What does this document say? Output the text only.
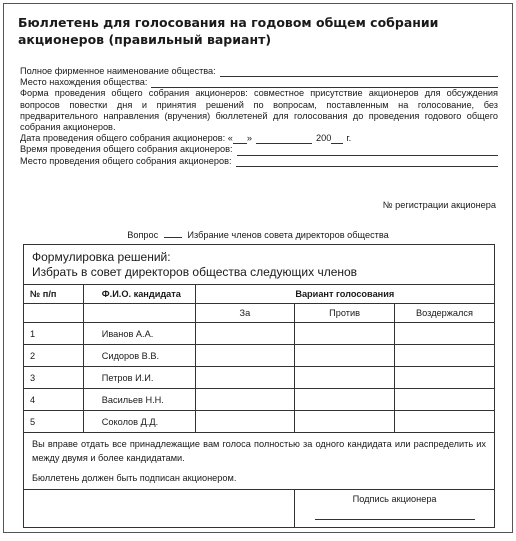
Бюллетень для голосования на годовом общем собрании акционеров (правильный вариант)
Полное фирменное наименование общества:
Место нахождения общества:
Форма проведения общего собрания акционеров: совместное присутствие акционеров для обсуждения вопросов повестки дня и принятия решений по вопросам, поставленным на голосование, без предварительного направления (вручения) бюллетеней для голосования до проведения годового общего собрания акционеров.
Дата проведения общего собрания акционеров: « »	200 г.
Время проведения общего собрания акционеров:
Место проведения общего собрания акционеров:
№ регистрации акционера
Вопрос	Избрание членов совета директоров общества
Формулировка решений:
Избрать в совет директоров общества следующих членов				

№ п/п	Ф.И.О. кандидата	Вариант голосования		
		За	Против	Воздержался
1	Иванов А.А.			
2	Сидоров В.В.			
3	Петров И.И.			
4	Васильев Н.Н.			
5	Соколов Д.Д.			

Вы вправе отдать все принадлежащие вам голоса полностью за одного кандидата или распределить их между двумя и более кандидатами.
Бюллетень должен быть подписан акционером.				

			Подпись акционера	
